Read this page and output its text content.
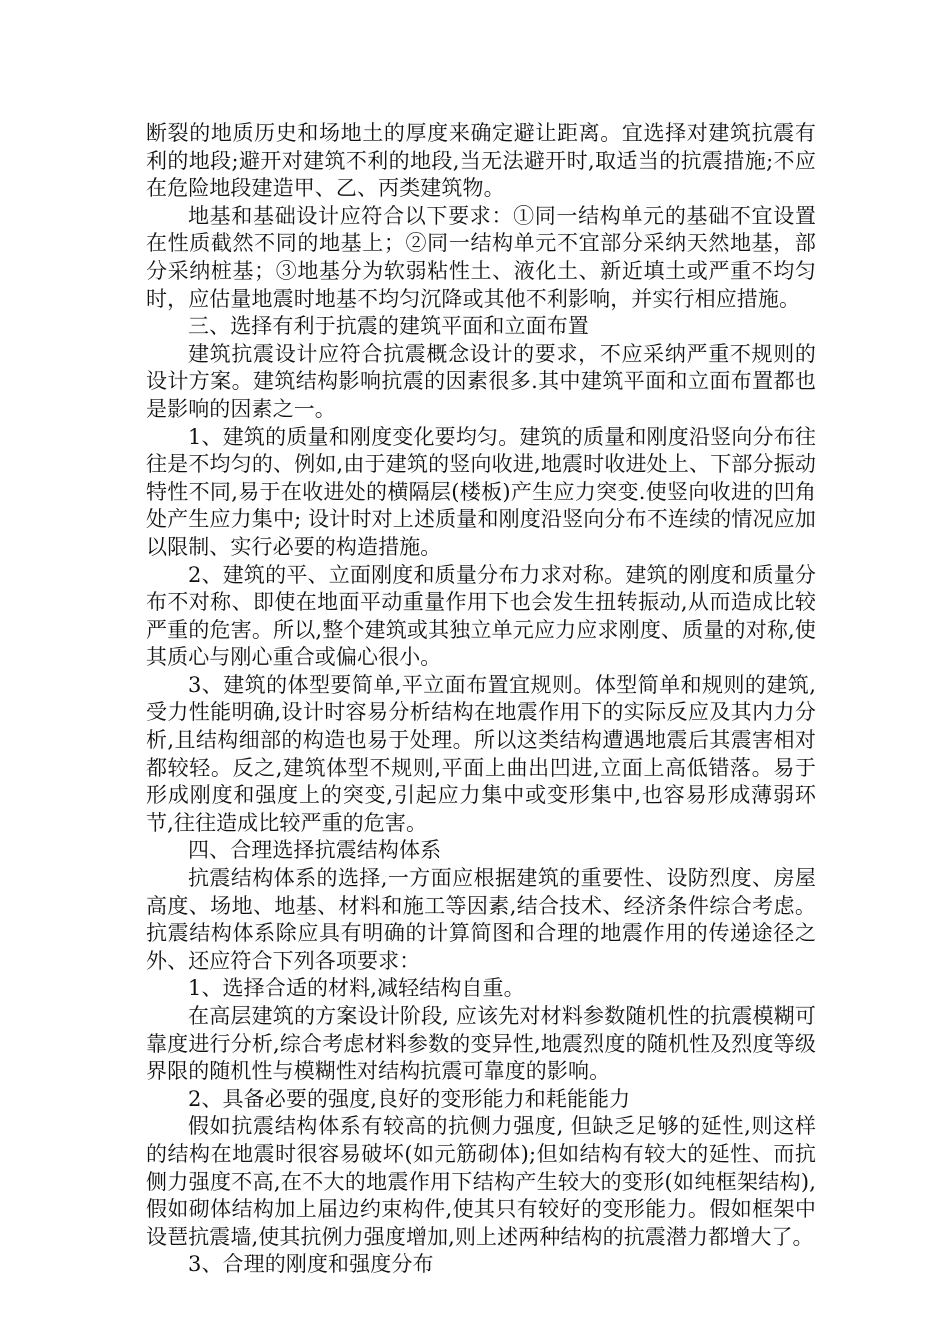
断裂的地质历史和场地土的厚度来确定避让距离。宜选择对建筑抗震有利的地段;避开对建筑不利的地段,当无法避开时,取适当的抗震措施;不应在危险地段建造甲、乙、丙类建筑物。

地基和基础设计应符合以下要求：①同一结构单元的基础不宜设置在性质截然不同的地基上；②同一结构单元不宜部分采纳天然地基，部分采纳桩基；③地基分为软弱粘性土、液化土、新近填土或严重不均匀时，应估量地震时地基不均匀沉降或其他不利影响，并实行相应措施。

三、选择有利于抗震的建筑平面和立面布置

建筑抗震设计应符合抗震概念设计的要求，不应采纳严重不规则的设计方案。建筑结构影响抗震的因素很多.其中建筑平面和立面布置都也是影响的因素之一。

1、建筑的质量和刚度变化要均匀。建筑的质量和刚度沿竖向分布往往是不均匀的、例如,由于建筑的竖向收进,地震时收进处上、下部分振动特性不同,易于在收进处的横隔层(楼板)产生应力突变.使竖向收进的凹角处产生应力集中; 设计时对上述质量和刚度沿竖向分布不连续的情况应加以限制、实行必要的构造措施。

2、建筑的平、立面刚度和质量分布力求对称。建筑的刚度和质量分布不对称、即使在地面平动重量作用下也会发生扭转振动,从而造成比较严重的危害。所以,整个建筑或其独立单元应力应求刚度、质量的对称,使其质心与刚心重合或偏心很小。

3、建筑的体型要简单,平立面布置宜规则。体型简单和规则的建筑,受力性能明确,设计时容易分析结构在地震作用下的实际反应及其内力分析,且结构细部的构造也易于处理。所以这类结构遭遇地震后其震害相对都较轻。反之,建筑体型不规则,平面上曲出凹进,立面上高低错落。易于形成刚度和强度上的突变,引起应力集中或变形集中,也容易形成薄弱环节,往往造成比较严重的危害。

四、合理选择抗震结构体系

抗震结构体系的选择,一方面应根据建筑的重要性、设防烈度、房屋高度、场地、地基、材料和施工等因素,结合技术、经济条件综合考虑。抗震结构体系除应具有明确的计算简图和合理的地震作用的传递途径之外、还应符合下列各项要求：

1、选择合适的材料,减轻结构自重。

在高层建筑的方案设计阶段, 应该先对材料参数随机性的抗震模糊可靠度进行分析,综合考虑材料参数的变异性,地震烈度的随机性及烈度等级界限的随机性与模糊性对结构抗震可靠度的影响。

2、具备必要的强度,良好的变形能力和耗能能力

假如抗震结构体系有较高的抗侧力强度, 但缺乏足够的延性,则这样的结构在地震时很容易破坏(如元筋砌体);但如结构有较大的延性、而抗侧力强度不高,在不大的地震作用下结构产生较大的变形(如纯框架结构),假如砌体结构加上届边约束构件,使其只有较好的变形能力。假如框架中设琶抗震墙,使其抗例力强度增加,则上述两种结构的抗震潜力都增大了。

3、合理的刚度和强度分布
